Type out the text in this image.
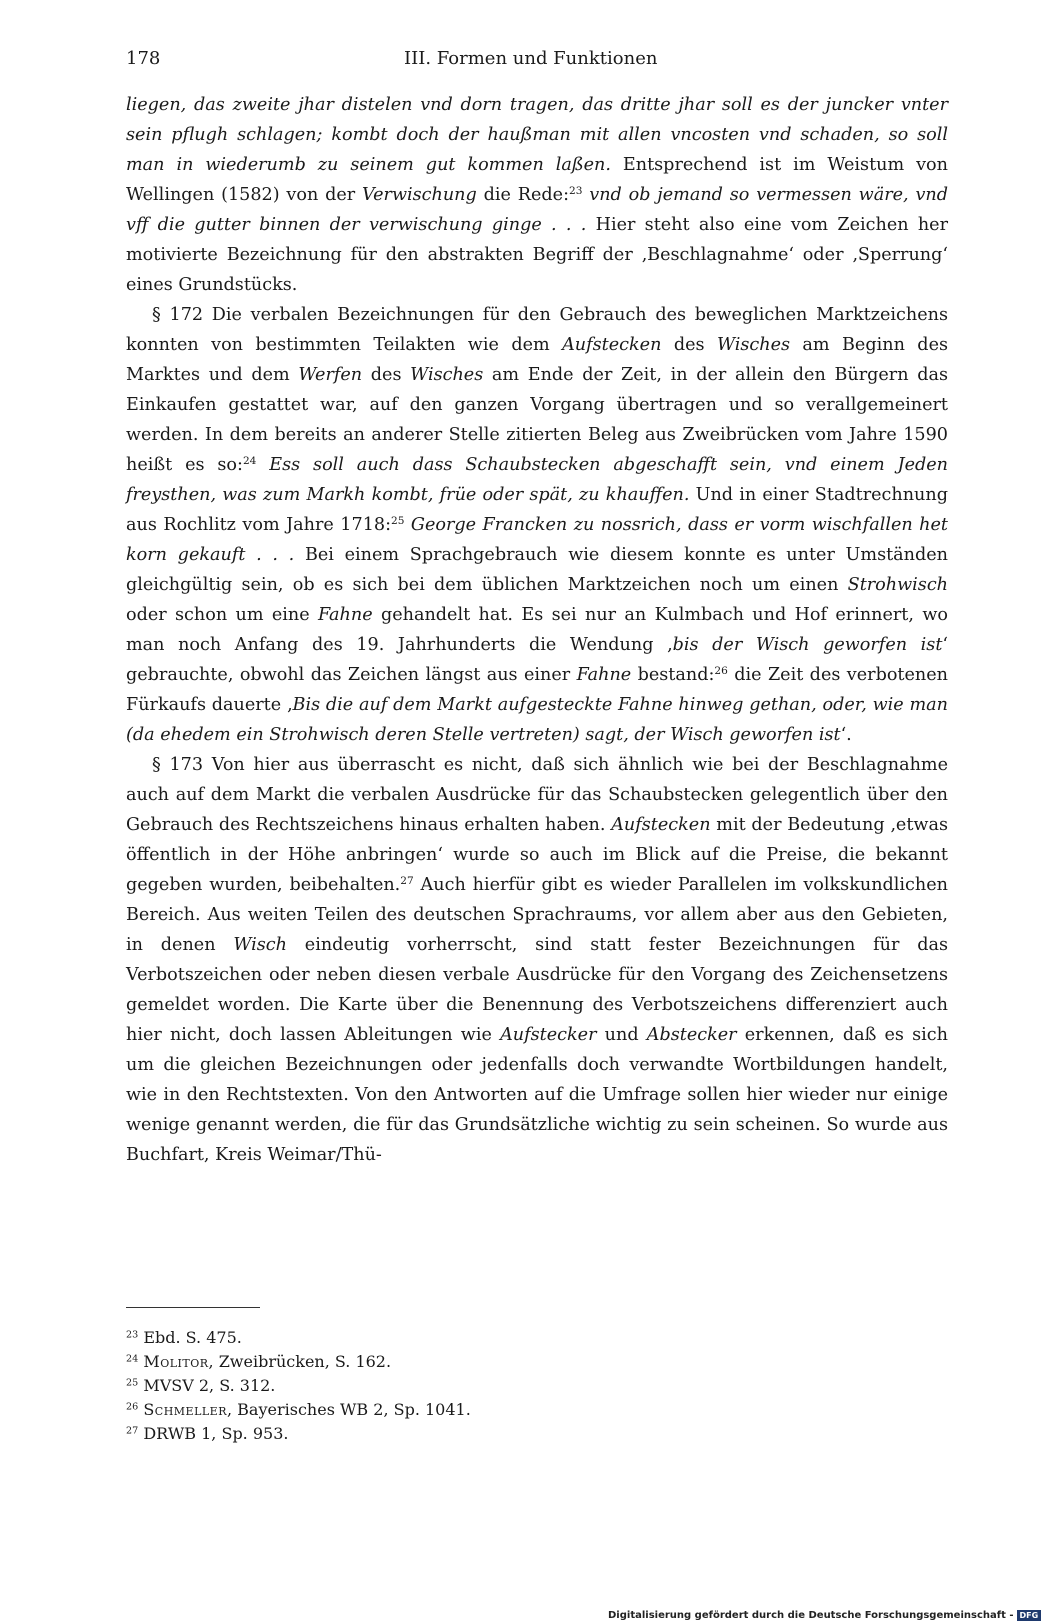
178	III. Formen und Funktionen

liegen, das zweite jhar distelen vnd dorn tragen, das dritte jhar soll es der juncker vnter sein pflugh schlagen; kombt doch der haußman mit allen vncosten vnd schaden, so soll man in wiederumb zu seinem gut kommen laßen. Entsprechend ist im Weistum von Wellingen (1582) von der Verwischung die Rede:$^{23}$ vnd ob jemand so vermessen wäre, vnd vff die gutter binnen der verwischung ginge . . . Hier steht also eine vom Zeichen her motivierte Bezeichnung für den abstrakten Begriff der ‚Beschlagnahme‘ oder ‚Sperrung‘ eines Grundstücks.

§ 172 Die verbalen Bezeichnungen für den Gebrauch des beweglichen Marktzeichens konnten von bestimmten Teilakten wie dem Aufstecken des Wisches am Beginn des Marktes und dem Werfen des Wisches am Ende der Zeit, in der allein den Bürgern das Einkaufen gestattet war, auf den ganzen Vorgang übertragen und so verallgemeinert werden. In dem bereits an anderer Stelle zitierten Beleg aus Zweibrücken vom Jahre 1590 heißt es so:$^{24}$ Ess soll auch dass Schaubstecken abgeschafft sein, vnd einem Jeden freysthen, was zum Markh kombt, früe oder spät, zu khauffen. Und in einer Stadtrechnung aus Rochlitz vom Jahre 1718:$^{25}$ George Francken zu nossrich, dass er vorm wischfallen het korn gekauft . . . Bei einem Sprachgebrauch wie diesem konnte es unter Umständen gleichgültig sein, ob es sich bei dem üblichen Marktzeichen noch um einen Strohwisch oder schon um eine Fahne gehandelt hat. Es sei nur an Kulmbach und Hof erinnert, wo man noch Anfang des 19. Jahrhunderts die Wendung ‚bis der Wisch geworfen ist‘ gebrauchte, obwohl das Zeichen längst aus einer Fahne bestand:$^{26}$ die Zeit des verbotenen Fürkaufs dauerte ‚Bis die auf dem Markt aufgesteckte Fahne hinweg gethan, oder, wie man (da ehedem ein Strohwisch deren Stelle vertreten) sagt, der Wisch geworfen ist‘.

§ 173 Von hier aus überrascht es nicht, daß sich ähnlich wie bei der Beschlagnahme auch auf dem Markt die verbalen Ausdrücke für das Schaubstecken gelegentlich über den Gebrauch des Rechtszeichens hinaus erhalten haben. Aufstecken mit der Bedeutung ‚etwas öffentlich in der Höhe anbringen‘ wurde so auch im Blick auf die Preise, die bekannt gegeben wurden, beibehalten.$^{27}$ Auch hierfür gibt es wieder Parallelen im volkskundlichen Bereich. Aus weiten Teilen des deutschen Sprachraums, vor allem aber aus den Gebieten, in denen Wisch eindeutig vorherrscht, sind statt fester Bezeichnungen für das Verbotszeichen oder neben diesen verbale Ausdrücke für den Vorgang des Zeichensetzens gemeldet worden. Die Karte über die Benennung des Verbotszeichens differenziert auch hier nicht, doch lassen Ableitungen wie Aufstecker und Abstecker erkennen, daß es sich um die gleichen Bezeichnungen oder jedenfalls doch verwandte Wortbildungen handelt, wie in den Rechtstexten. Von den Antworten auf die Umfrage sollen hier wieder nur einige wenige genannt werden, die für das Grundsätzliche wichtig zu sein scheinen. So wurde aus Buchfart, Kreis Weimar/Thü-

$^{23}$ Ebd. S. 475.
$^{24}$ Molitor, Zweibrücken, S. 162.
$^{25}$ MVSV 2, S. 312.
$^{26}$ Schmeller, Bayerisches WB 2, Sp. 1041.
$^{27}$ DRWB 1, Sp. 953.
Digitalisierung gefördert durch die Deutsche Forschungsgemeinschaft - DFG
